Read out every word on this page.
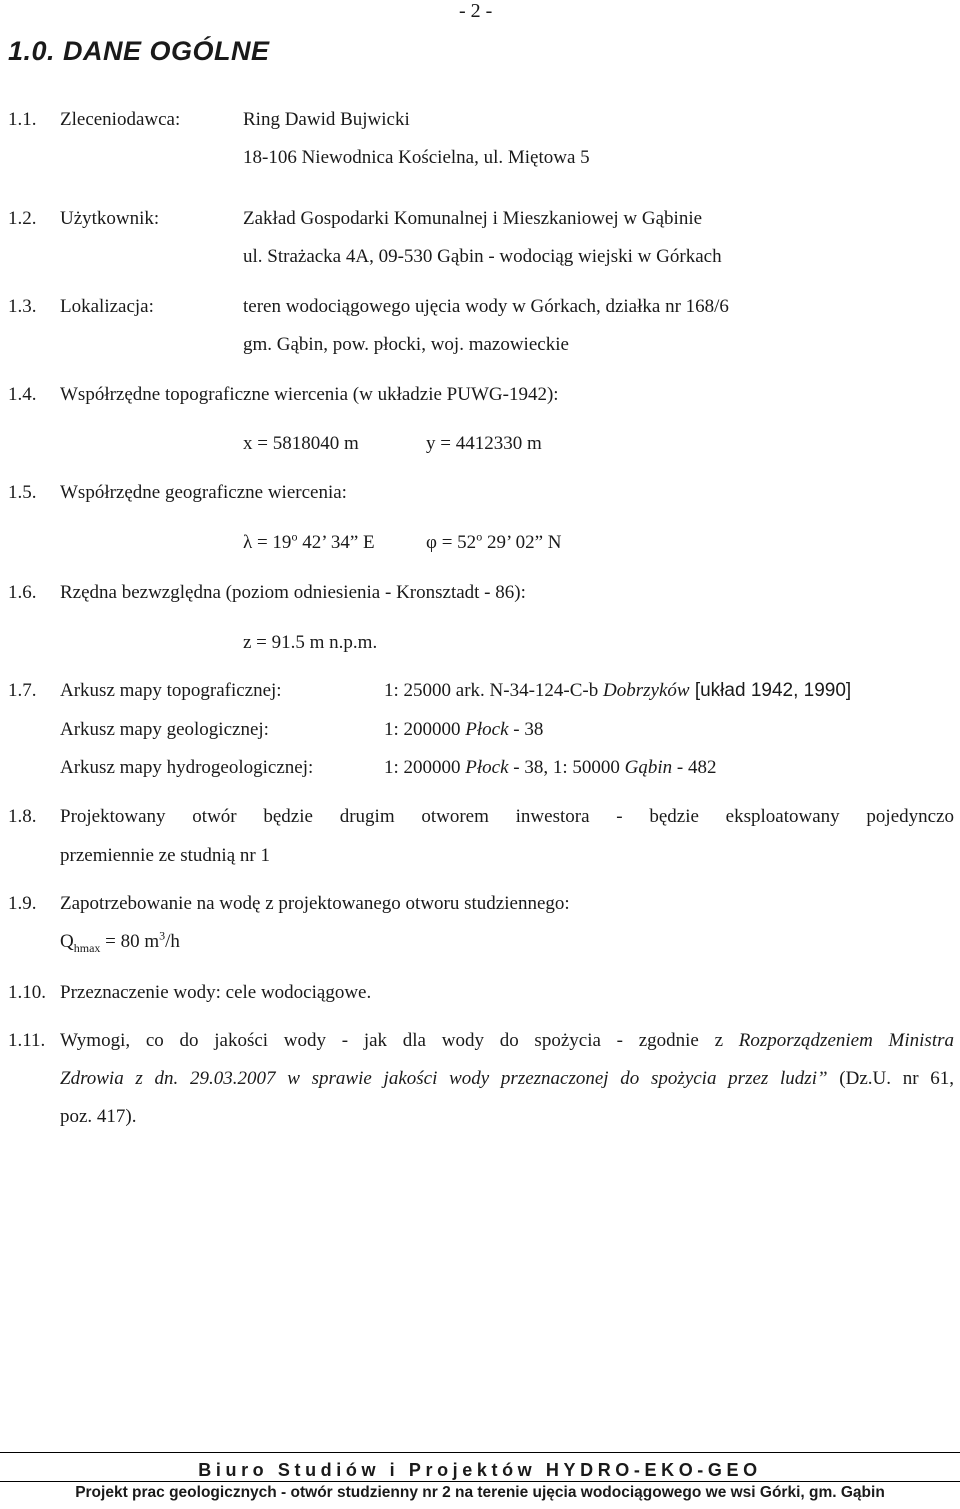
- 2 -
1.0. DANE OGÓLNE
1.1. Zleceniodawca:	Ring Dawid Bujwicki
18-106 Niewodnica Kościelna, ul. Miętowa 5
1.2. Użytkownik:	Zakład Gospodarki Komunalnej i Mieszkaniowej w Gąbinie
ul. Strażacka 4A, 09-530 Gąbin - wodociąg wiejski w Górkach
1.3. Lokalizacja:	teren wodociągowego ujęcia wody w Górkach, działka nr 168/6
gm. Gąbin, pow. płocki, woj. mazowieckie
1.4. Współrzędne topograficzne wiercenia (w układzie PUWG-1942):
x = 5818040 m	y = 4412330 m
1.5. Współrzędne geograficzne wiercenia:
$\lambda = 19^o$ 42’ 34” E	$\varphi = 52^o$ 29’ 02” N
1.6. Rzędna bezwzględna (poziom odniesienia - Kronsztadt - 86):
z = 91.5 m n.p.m.
1.7. Arkusz mapy topograficznej:	1: 25000 ark. N-34-124-C-b Dobrzyków [układ 1942, 1990]
Arkusz mapy geologicznej:	1: 200000 Płock - 38
Arkusz mapy hydrogeologicznej:	1: 200000 Płock - 38, 1: 50000 Gąbin - 482
1.8. Projektowany otwór będzie drugim otworem inwestora - będzie eksploatowany pojedynczo
przemiennie ze studnią nr 1
1.9. Zapotrzebowanie na wodę z projektowanego otworu studziennego:
$Q_{hmax} = 80$ $m^3/h$
1.10. Przeznaczenie wody: cele wodociągowe.
1.11. Wymogi, co do jakości wody - jak dla wody do spożycia - zgodnie z Rozporządzeniem Ministra
Zdrowia z dn. 29.03.2007 w sprawie jakości wody przeznaczonej do spożycia przez ludzi” (Dz.U. nr 61,
poz. 417).
Biuro Studiów i Projektów HYDRO-EKO-GEO
Projekt prac geologicznych - otwór studzienny nr 2 na terenie ujęcia wodociągowego we wsi Górki, gm. Gąbin
